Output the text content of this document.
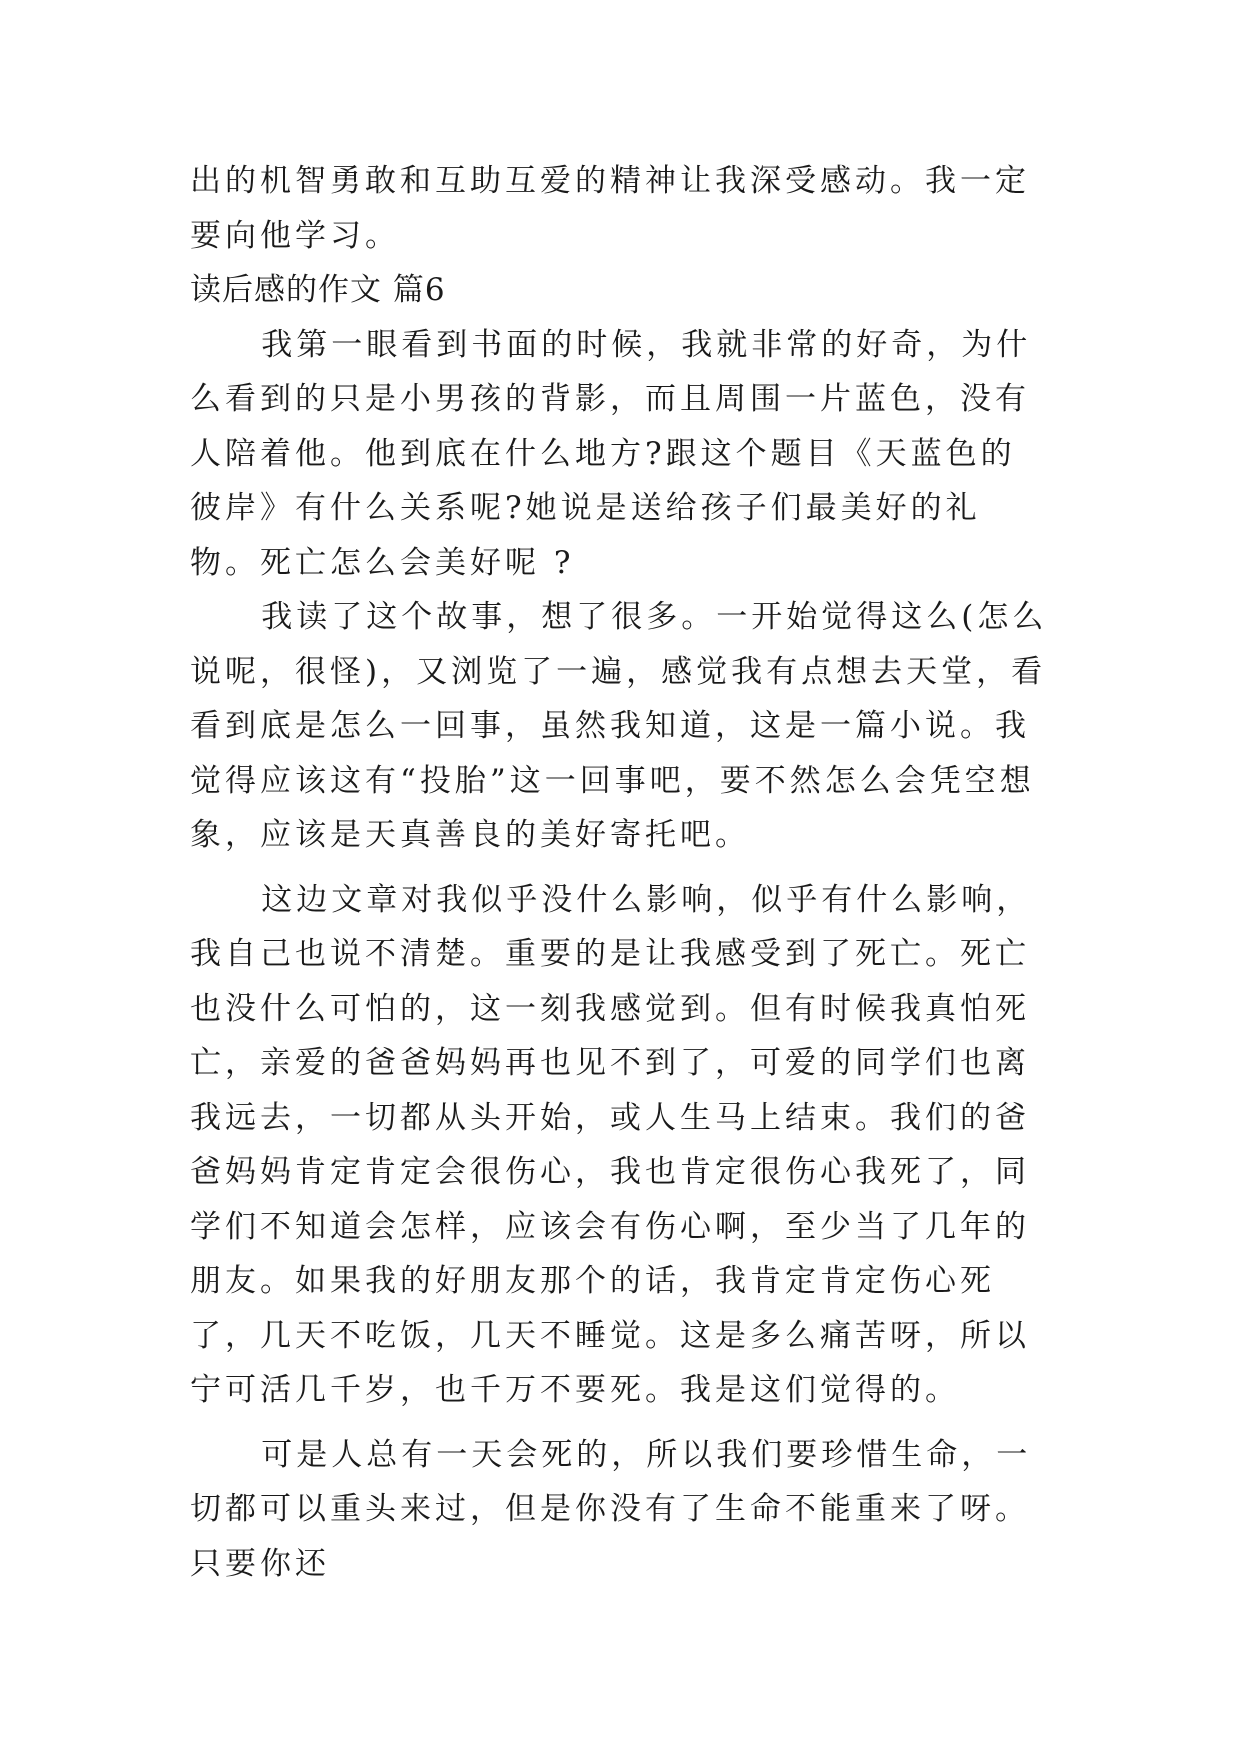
出的机智勇敢和互助互爱的精神让我深受感动。我一定要向他学习。

读后感的作文 篇6

我第一眼看到书面的时候，我就非常的好奇，为什么看到的只是小男孩的背影，而且周围一片蓝色，没有人陪着他。他到底在什么地方?跟这个题目《天蓝色的彼岸》有什么关系呢?她说是送给孩子们最美好的礼物。死亡怎么会美好呢 ?

我读了这个故事，想了很多。一开始觉得这么(怎么说呢，很怪)，又浏览了一遍，感觉我有点想去天堂，看看到底是怎么一回事，虽然我知道，这是一篇小说。我觉得应该这有“投胎”这一回事吧，要不然怎么会凭空想象，应该是天真善良的美好寄托吧。

这边文章对我似乎没什么影响，似乎有什么影响，我自己也说不清楚。重要的是让我感受到了死亡。死亡也没什么可怕的，这一刻我感觉到。但有时候我真怕死亡，亲爱的爸爸妈妈再也见不到了，可爱的同学们也离我远去，一切都从头开始，或人生马上结束。我们的爸爸妈妈肯定肯定会很伤心，我也肯定很伤心我死了，同学们不知道会怎样，应该会有伤心啊，至少当了几年的朋友。如果我的好朋友那个的话，我肯定肯定伤心死了，几天不吃饭，几天不睡觉。这是多么痛苦呀，所以宁可活几千岁，也千万不要死。我是这们觉得的。

可是人总有一天会死的，所以我们要珍惜生命，一切都可以重头来过，但是你没有了生命不能重来了呀。只要你还
